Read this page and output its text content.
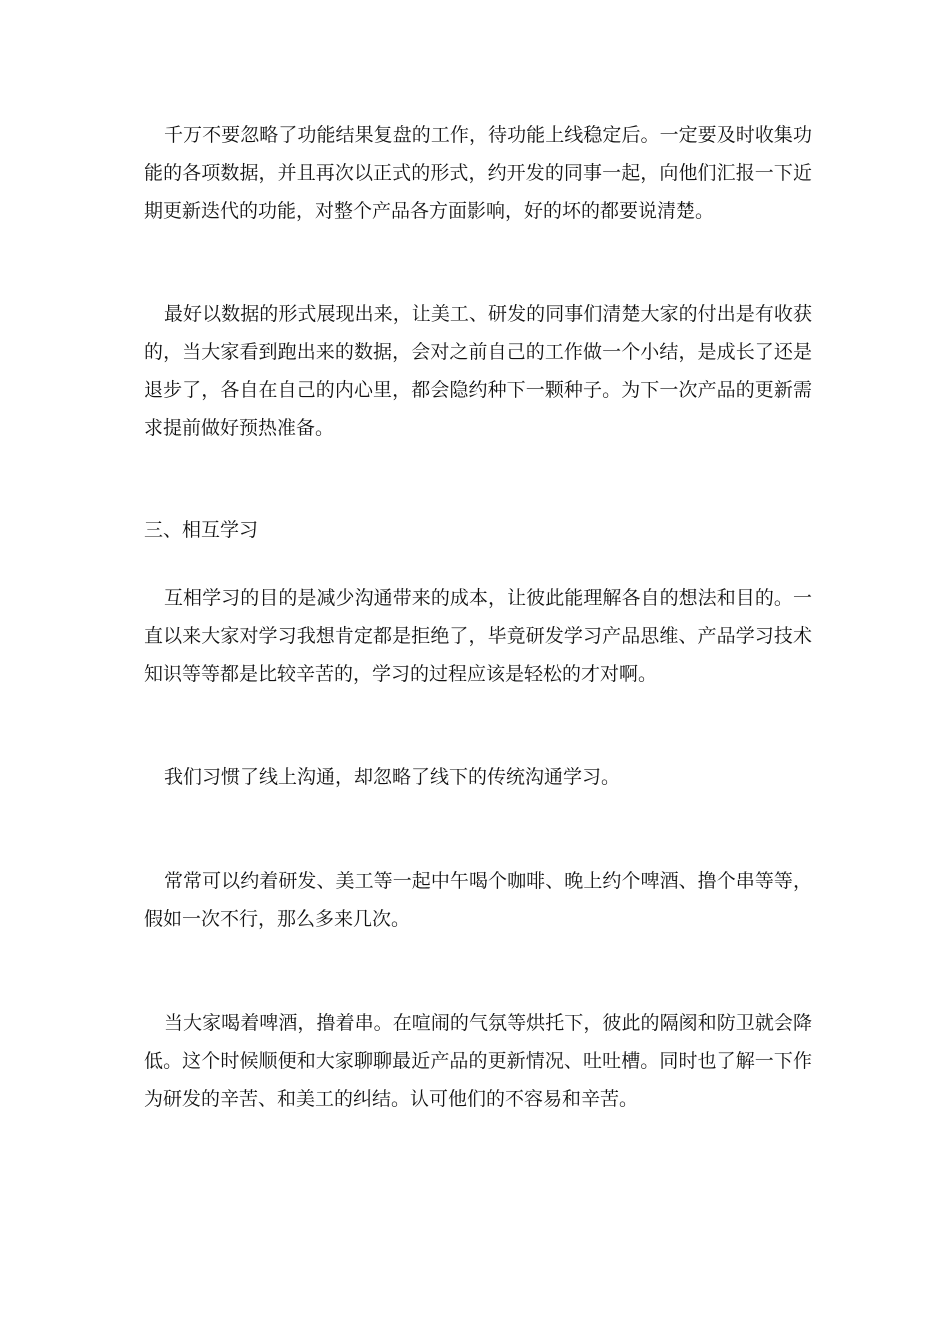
千万不要忽略了功能结果复盘的工作，待功能上线稳定后。一定要及时收集功能的各项数据，并且再次以正式的形式，约开发的同事一起，向他们汇报一下近期更新迭代的功能，对整个产品各方面影响，好的坏的都要说清楚。

最好以数据的形式展现出来，让美工、研发的同事们清楚大家的付出是有收获的，当大家看到跑出来的数据，会对之前自己的工作做一个小结，是成长了还是退步了，各自在自己的内心里，都会隐约种下一颗种子。为下一次产品的更新需求提前做好预热准备。

三、相互学习

互相学习的目的是减少沟通带来的成本，让彼此能理解各自的想法和目的。一直以来大家对学习我想肯定都是拒绝了，毕竟研发学习产品思维、产品学习技术知识等等都是比较辛苦的，学习的过程应该是轻松的才对啊。

我们习惯了线上沟通，却忽略了线下的传统沟通学习。

常常可以约着研发、美工等一起中午喝个咖啡、晚上约个啤酒、撸个串等等，假如一次不行，那么多来几次。

当大家喝着啤酒，撸着串。在喧闹的气氛等烘托下，彼此的隔阂和防卫就会降低。这个时候顺便和大家聊聊最近产品的更新情况、吐吐槽。同时也了解一下作为研发的辛苦、和美工的纠结。认可他们的不容易和辛苦。
